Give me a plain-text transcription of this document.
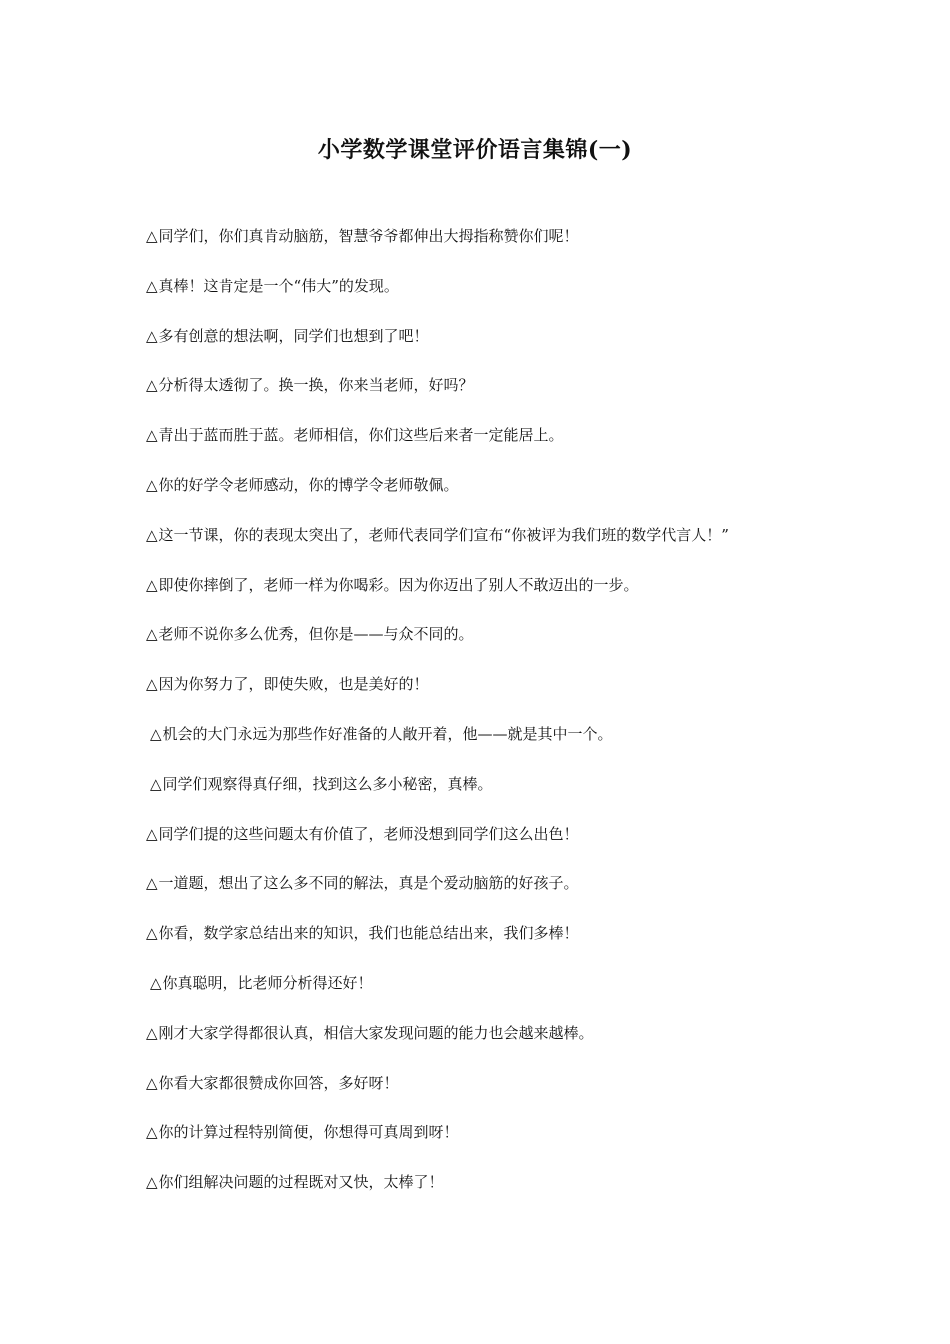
小学数学课堂评价语言集锦(一)
△同学们，你们真肯动脑筋，智慧爷爷都伸出大拇指称赞你们呢！
△真棒！这肯定是一个“伟大”的发现。
△多有创意的想法啊，同学们也想到了吧！
△分析得太透彻了。换一换，你来当老师，好吗？
△青出于蓝而胜于蓝。老师相信，你们这些后来者一定能居上。
△你的好学令老师感动，你的博学令老师敬佩。
△这一节课，你的表现太突出了，老师代表同学们宣布“你被评为我们班的数学代言人！”
△即使你摔倒了，老师一样为你喝彩。因为你迈出了别人不敢迈出的一步。
△老师不说你多么优秀，但你是——与众不同的。
△因为你努力了，即使失败，也是美好的！
△机会的大门永远为那些作好准备的人敞开着，他——就是其中一个。
△同学们观察得真仔细，找到这么多小秘密，真棒。
△同学们提的这些问题太有价值了，老师没想到同学们这么出色！
△一道题，想出了这么多不同的解法，真是个爱动脑筋的好孩子。
△你看，数学家总结出来的知识，我们也能总结出来，我们多棒！
△你真聪明，比老师分析得还好！
△刚才大家学得都很认真，相信大家发现问题的能力也会越来越棒。
△你看大家都很赞成你回答，多好呀！
△你的计算过程特别简便，你想得可真周到呀！
△你们组解决问题的过程既对又快，太棒了！
